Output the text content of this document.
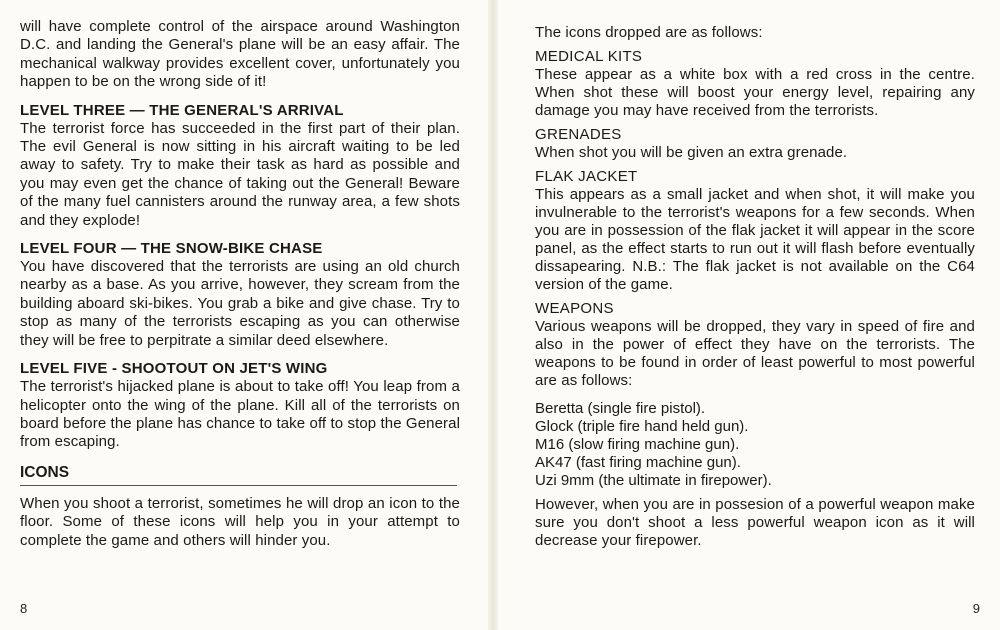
will have complete control of the airspace around Washington D.C. and landing the General's plane will be an easy affair. The mechanical walkway provides excellent cover, unfortunately you happen to be on the wrong side of it!

LEVEL THREE — THE GENERAL'S ARRIVAL

The terrorist force has succeeded in the first part of their plan. The evil General is now sitting in his aircraft waiting to be led away to safety. Try to make their task as hard as possible and you may even get the chance of taking out the General! Beware of the many fuel cannisters around the runway area, a few shots and they explode!

LEVEL FOUR — THE SNOW-BIKE CHASE

You have discovered that the terrorists are using an old church nearby as a base. As you arrive, however, they scream from the building aboard ski-bikes. You grab a bike and give chase. Try to stop as many of the terrorists escaping as you can otherwise they will be free to perpitrate a similar deed elsewhere.

LEVEL FIVE - SHOOTOUT ON JET'S WING

The terrorist's hijacked plane is about to take off! You leap from a helicopter onto the wing of the plane. Kill all of the terrorists on board before the plane has chance to take off to stop the General from escaping.

ICONS

When you shoot a terrorist, sometimes he will drop an icon to the floor. Some of these icons will help you in your attempt to complete the game and others will hinder you.

8

The icons dropped are as follows:

MEDICAL KITS

These appear as a white box with a red cross in the centre. When shot these will boost your energy level, repairing any damage you may have received from the terrorists.

GRENADES

When shot you will be given an extra grenade.

FLAK JACKET

This appears as a small jacket and when shot, it will make you invulnerable to the terrorist's weapons for a few seconds. When you are in possession of the flak jacket it will appear in the score panel, as the effect starts to run out it will flash before eventually dissapearing. N.B.: The flak jacket is not available on the C64 version of the game.

WEAPONS

Various weapons will be dropped, they vary in speed of fire and also in the power of effect they have on the terrorists. The weapons to be found in order of least powerful to most powerful are as follows:

Beretta (single fire pistol).
Glock (triple fire hand held gun).
M16 (slow firing machine gun).
AK47 (fast firing machine gun).
Uzi 9mm (the ultimate in firepower).

However, when you are in possesion of a powerful weapon make sure you don't shoot a less powerful weapon icon as it will decrease your firepower.

9
